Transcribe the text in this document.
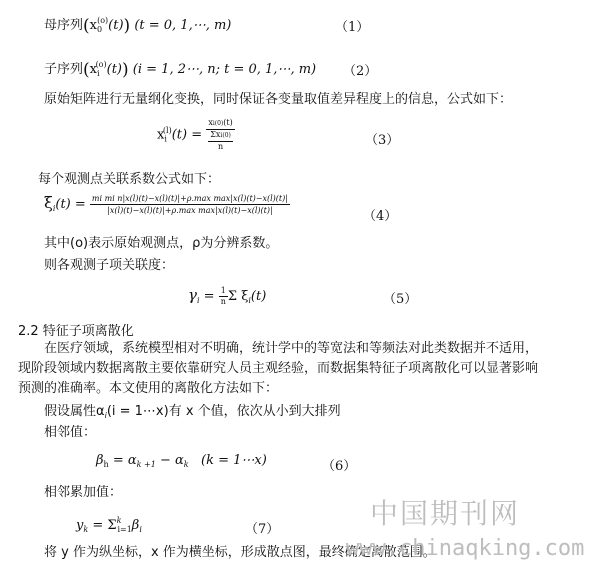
母序列$(x_0^{(o)}(t)) (t = 0$, 1,⋯, m)	（1）
子序列$(x_i^{(o)}(t)) (i = 1$, 2⋯, n; t = 0, 1,⋯, m) （2）
原始矩阵进行无量纲化变换，同时保证各变量取值差异程度上的信息，公式如下：
$x_i^{(l)}(t) = \frac{xi(0)(t)}{\frac{\text{Σxi(0)}}{n}}$	（3）
每个观测点关联系数公式如下：
$\xi_i(t) = \frac{\text{mi mi n|x(l)(t)−x(l)(t)|+ρ.max max|x(l)(t)−x(l)(t)|}}{\text{|x(l)(t)−x(l)(t)|+ρ.max max|x(l)(t)−x(l)(t)|}}$
（4）
其中(o)表示原始观测点，ρ为分辨系数。
则各观测子项关联度：
$\gamma_i = \frac{1}{n}$ Σ $\xi_i(t)$	（5）
2.2 特征子项离散化
在医疗领域，系统模型相对不明确，统计学中的等宽法和等频法对此类数据并不适用，
现阶段领域内数据离散主要依靠研究人员主观经验，而数据集特征子项离散化可以显著影响
预测的准确率。本文使用的离散化方法如下：
假设属性$\alpha_i(i$ = 1⋯x)有 x 个值，依次从小到大排列
相邻值：
$\beta_h = \alpha_{k +1} - \alpha_k$ (k = 1⋯x)	（6）
相邻累加值：
$y_k = \Sigma^k_{i=1}\beta_i$	（7）
将 y 作为纵坐标，x 作为横坐标，形成散点图，最终确定离散范围。
中国期刊网
www.chinaqking.com
